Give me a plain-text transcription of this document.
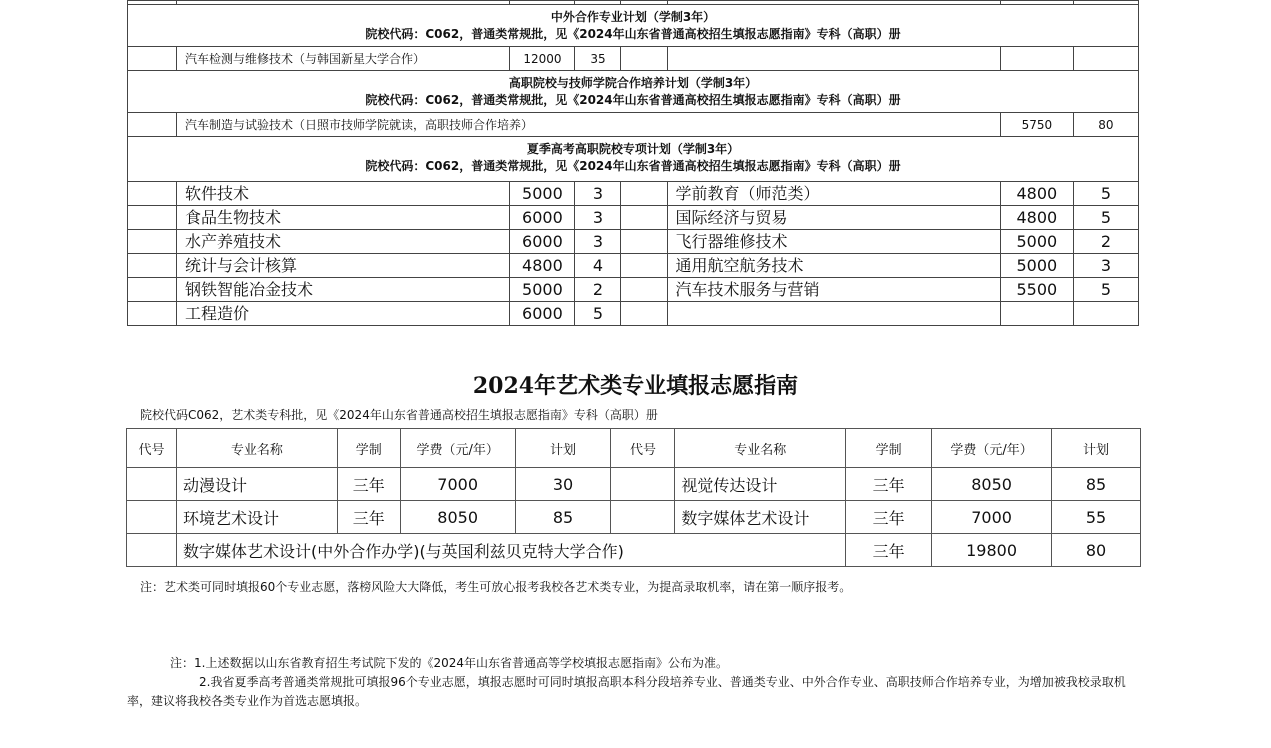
中外合作专业计划（学制3年）
院校代码：C062，普通类常规批，见《2024年山东省普通高校招生填报志愿指南》专科（高职）册							

	汽车检测与维修技术（与韩国新星大学合作）	12000	35				

高职院校与技师学院合作培养计划（学制3年）
院校代码：C062，普通类常规批，见《2024年山东省普通高校招生填报志愿指南》专科（高职）册							

	汽车制造与试验技术（日照市技师学院就读，高职技师合作培养）					5750	80

夏季高考高职院校专项计划（学制3年）
院校代码：C062，普通类常规批，见《2024年山东省普通高校招生填报志愿指南》专科（高职）册							

	软件技术	5000	3		学前教育（师范类）	4800	5
	食品生物技术	6000	3		国际经济与贸易	4800	5
	水产养殖技术	6000	3		飞行器维修技术	5000	2
	统计与会计核算	4800	4		通用航空航务技术	5000	3
	钢铁智能冶金技术	5000	2		汽车技术服务与营销	5500	5
	工程造价	6000	5				
2024年艺术类专业填报志愿指南
院校代码C062，艺术类专科批，见《2024年山东省普通高校招生填报志愿指南》专科（高职）册
代号	专业名称	学制	学费（元/年）	计划	代号	专业名称	学制	学费（元/年）	计划
	动漫设计	三年	7000	30		视觉传达设计	三年	8050	85
	环境艺术设计	三年	8050	85		数字媒体艺术设计	三年	7000	55
	数字媒体艺术设计(中外合作办学)(与英国利兹贝克特大学合作)						三年	19800	80
注：艺术类可同时填报60个专业志愿，落榜风险大大降低，考生可放心报考我校各艺术类专业，为提高录取机率，请在第一顺序报考。
注：1.上述数据以山东省教育招生考试院下发的《2024年山东省普通高等学校填报志愿指南》公布为准。
2.我省夏季高考普通类常规批可填报96个专业志愿，填报志愿时可同时填报高职本科分段培养专业、普通类专业、中外合作专业、高职技师合作培养专业，为增加被我校录取机率，建议将我校各类专业作为首选志愿填报。
